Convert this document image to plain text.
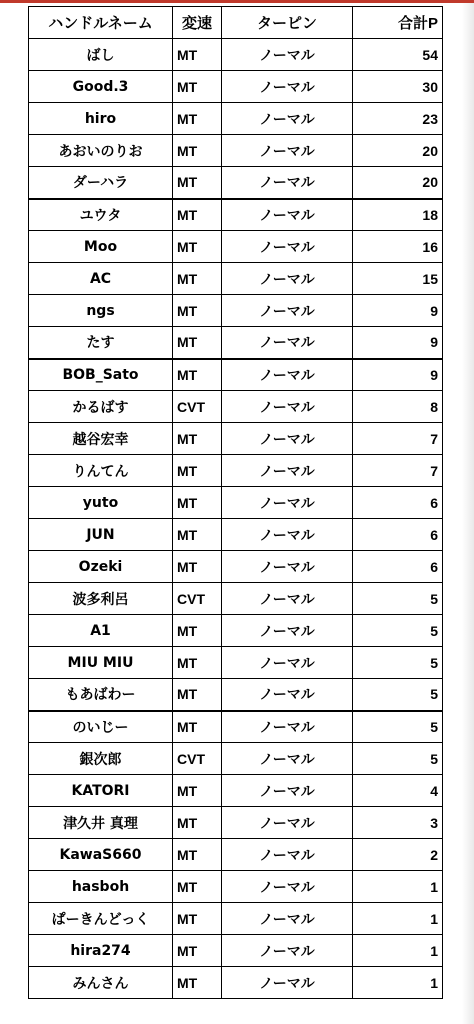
ハンドルネーム	変速	ターピン	合計P
ばし	MT	ノーマル	54
Good.3	MT	ノーマル	30
hiro	MT	ノーマル	23
あおいのりお	MT	ノーマル	20
ダーハラ	MT	ノーマル	20
ユウタ	MT	ノーマル	18
Moo	MT	ノーマル	16
AC	MT	ノーマル	15
ngs	MT	ノーマル	9
たす	MT	ノーマル	9
BOB_Sato	MT	ノーマル	9
かるばす	CVT	ノーマル	8
越谷宏幸	MT	ノーマル	7
りんてん	MT	ノーマル	7
yuto	MT	ノーマル	6
JUN	MT	ノーマル	6
Ozeki	MT	ノーマル	6
波多利呂	CVT	ノーマル	5
A1	MT	ノーマル	5
MIU MIU	MT	ノーマル	5
もあばわー	MT	ノーマル	5
のいじー	MT	ノーマル	5
銀次郎	CVT	ノーマル	5
KATORI	MT	ノーマル	4
津久井 真理	MT	ノーマル	3
KawaS660	MT	ノーマル	2
hasboh	MT	ノーマル	1
ぱーきんどっく	MT	ノーマル	1
hira274	MT	ノーマル	1
みんさん	MT	ノーマル	1
